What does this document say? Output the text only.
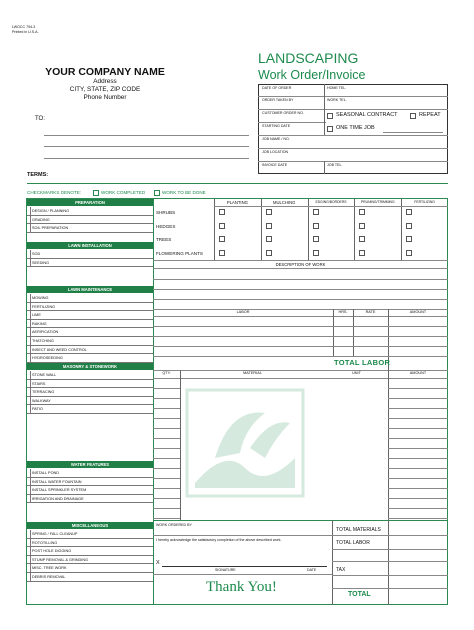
LWOCC 794-3
Printed in U.S.A.
YOUR COMPANY NAME
Address
CITY, STATE, ZIP CODE
Phone Number
LANDSCAPING
Work Order/Invoice
TO:
DATE OF ORDER	HOME TEL.
ORDER TAKEN BY	WORK TEL.
CUSTOMER ORDER NO.
STARTING DATE
JOB NAME / NO.
JOB LOCATION
INVOICE DATE	JOB TEL.
SEASONAL CONTRACT	REPEAT
ONE TIME JOB
TERMS:
CHECKMARKS DENOTE:	WORK COMPLETED	WORK TO BE DONE
PREPARATION
DESIGN / PLANNING
GRADING
SOIL PREPARATION
LAWN INSTALLATION
SOD
SEEDING
LAWN MAINTENANCE
MOWING
FERTILIZING
LIME
RAKING
AERIFICATION
THATCHING
INSECT AND WEED CONTROL
HYDROSEEDING
MASONRY & STONEWORK
STONE WALL
STAIRS
TERRACING
WALKWAY
PATIO
WATER FEATURES
INSTALL POND
INSTALL WATER FOUNTAIN
INSTALL SPRINKLER SYSTEM
IRRIGATION AND DRAINAGE
MISCELLANEOUS
SPRING / FALL CLEANUP
ROTOTILLING
POST HOLE DIGGING
STUMP REMOVAL & GRINDING
MISC. TREE WORK
DEBRIS REMOVAL
PLANTING	MULCHING	EDGING/BORDERS	PRUNING/TRIMMING	FERTILIZING
SHRUBS
HEDGES
TREES
FLOWERING PLANTS
DESCRIPTION OF WORK
LABOR	HRS.	RATE	AMOUNT
TOTAL LABOR
QTY.	MATERIAL	UNIT	AMOUNT
WORK ORDERED BY
I hereby acknowledge the satisfactory completion of the above described work.
X
SIGNATURE	DATE
Thank You!
TOTAL MATERIALS
TOTAL LABOR
TAX
TOTAL
